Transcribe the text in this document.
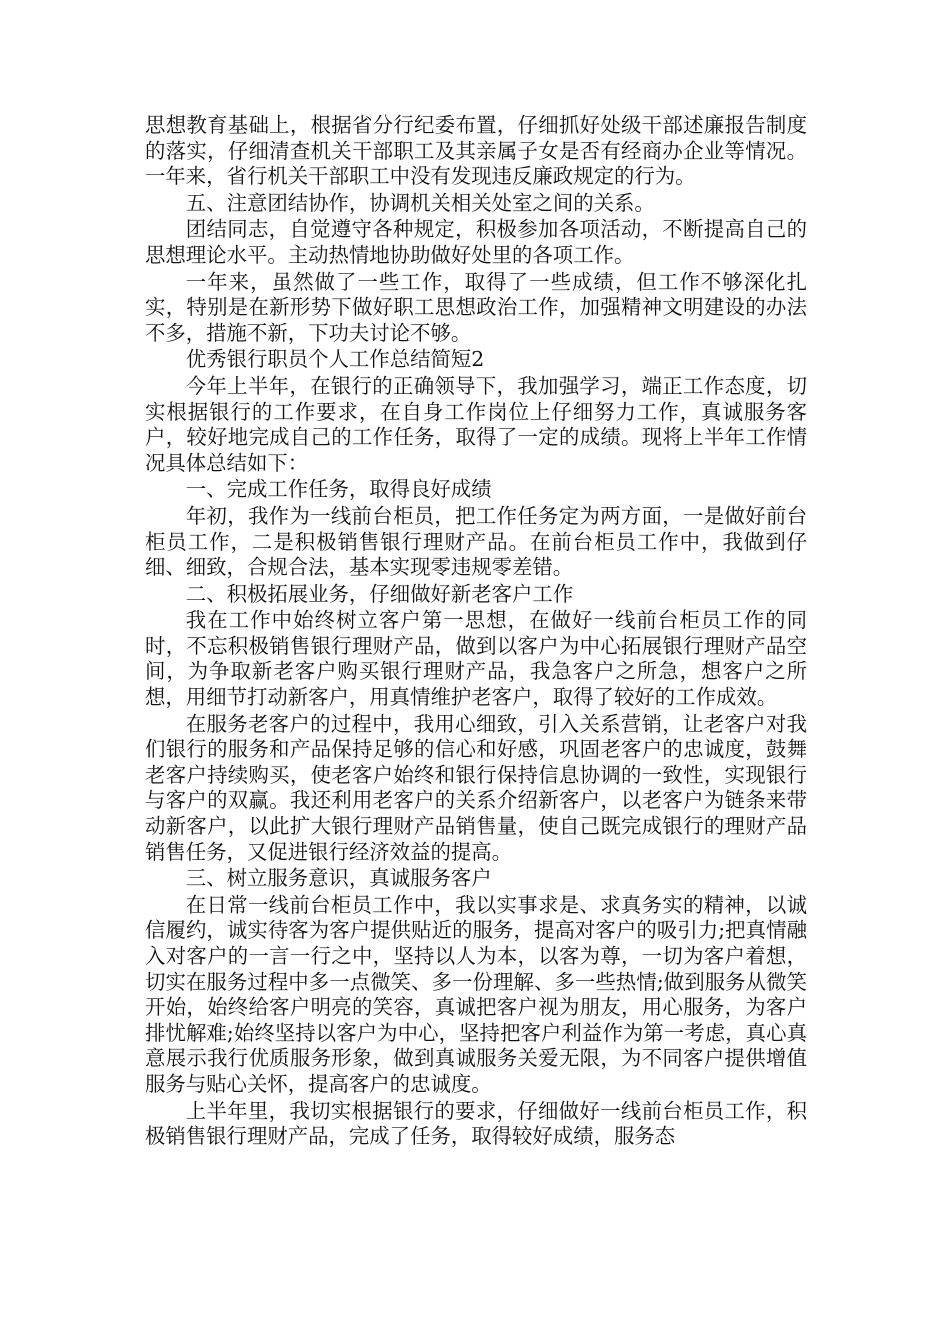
思想教育基础上，根据省分行纪委布置，仔细抓好处级干部述廉报告制度的落实，仔细清查机关干部职工及其亲属子女是否有经商办企业等情况。一年来，省行机关干部职工中没有发现违反廉政规定的行为。

五、注意团结协作，协调机关相关处室之间的关系。

团结同志，自觉遵守各种规定，积极参加各项活动，不断提高自己的思想理论水平。主动热情地协助做好处里的各项工作。

一年来，虽然做了一些工作，取得了一些成绩，但工作不够深化扎实，特别是在新形势下做好职工思想政治工作，加强精神文明建设的办法不多，措施不新，下功夫讨论不够。

优秀银行职员个人工作总结简短2

今年上半年，在银行的正确领导下，我加强学习，端正工作态度，切实根据银行的工作要求，在自身工作岗位上仔细努力工作，真诚服务客户，较好地完成自己的工作任务，取得了一定的成绩。现将上半年工作情况具体总结如下：

一、完成工作任务，取得良好成绩

年初，我作为一线前台柜员，把工作任务定为两方面，一是做好前台柜员工作，二是积极销售银行理财产品。在前台柜员工作中，我做到仔细、细致，合规合法，基本实现零违规零差错。

二、积极拓展业务，仔细做好新老客户工作

我在工作中始终树立客户第一思想，在做好一线前台柜员工作的同时，不忘积极销售银行理财产品，做到以客户为中心拓展银行理财产品空间，为争取新老客户购买银行理财产品，我急客户之所急，想客户之所想，用细节打动新客户，用真情维护老客户，取得了较好的工作成效。

在服务老客户的过程中，我用心细致，引入关系营销，让老客户对我们银行的服务和产品保持足够的信心和好感，巩固老客户的忠诚度，鼓舞老客户持续购买，使老客户始终和银行保持信息协调的一致性，实现银行与客户的双赢。我还利用老客户的关系介绍新客户，以老客户为链条来带动新客户，以此扩大银行理财产品销售量，使自己既完成银行的理财产品销售任务，又促进银行经济效益的提高。

三、树立服务意识，真诚服务客户

在日常一线前台柜员工作中，我以实事求是、求真务实的精神，以诚信履约，诚实待客为客户提供贴近的服务，提高对客户的吸引力;把真情融入对客户的一言一行之中，坚持以人为本，以客为尊，一切为客户着想，切实在服务过程中多一点微笑、多一份理解、多一些热情;做到服务从微笑开始，始终给客户明亮的笑容，真诚把客户视为朋友，用心服务，为客户排忧解难;始终坚持以客户为中心，坚持把客户利益作为第一考虑，真心真意展示我行优质服务形象，做到真诚服务关爱无限，为不同客户提供增值服务与贴心关怀，提高客户的忠诚度。

上半年里，我切实根据银行的要求，仔细做好一线前台柜员工作，积极销售银行理财产品，完成了任务，取得较好成绩，服务态
